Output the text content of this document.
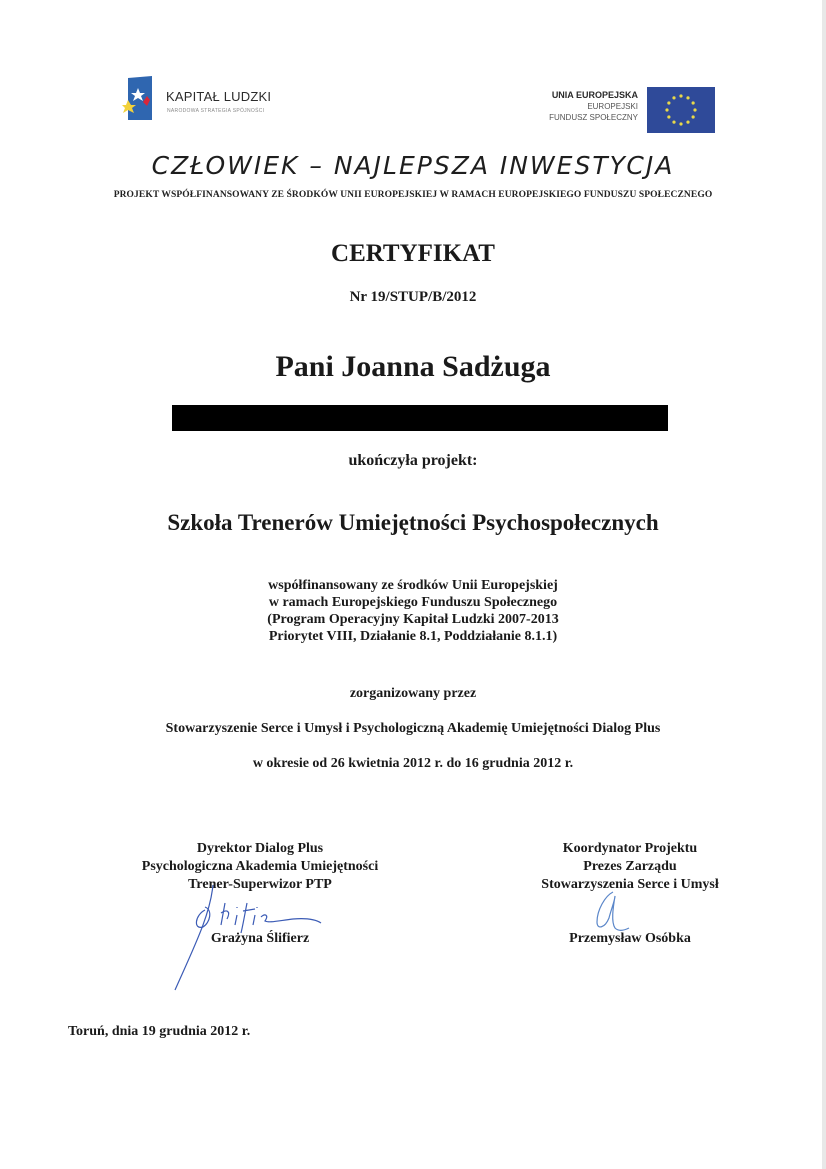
KAPITAŁ LUDZKI
NARODOWA STRATEGIA SPÓJNOŚCI
UNIA EUROPEJSKA
EUROPEJSKI
FUNDUSZ SPOŁECZNY
CZŁOWIEK – NAJLEPSZA INWESTYCJA
PROJEKT WSPÓŁFINANSOWANY ZE ŚRODKÓW UNII EUROPEJSKIEJ W RAMACH EUROPEJSKIEGO FUNDUSZU SPOŁECZNEGO
CERTYFIKAT
Nr 19/STUP/B/2012
Pani Joanna Sadżuga
ukończyła projekt:
Szkoła Trenerów Umiejętności Psychospołecznych
współfinansowany ze środków Unii Europejskiej
w ramach Europejskiego Funduszu Społecznego
(Program Operacyjny Kapitał Ludzki 2007-2013
Priorytet VIII, Działanie 8.1, Poddziałanie 8.1.1)
zorganizowany przez
Stowarzyszenie Serce i Umysł i Psychologiczną Akademię Umiejętności Dialog Plus
w okresie od 26 kwietnia 2012 r. do 16 grudnia 2012 r.
Dyrektor Dialog Plus
Psychologiczna Akademia Umiejętności
Trener-Superwizor PTP
Grażyna Ślifierz
Koordynator Projektu
Prezes Zarządu
Stowarzyszenia Serce i Umysł
Przemysław Osóbka
Toruń, dnia 19 grudnia 2012 r.
